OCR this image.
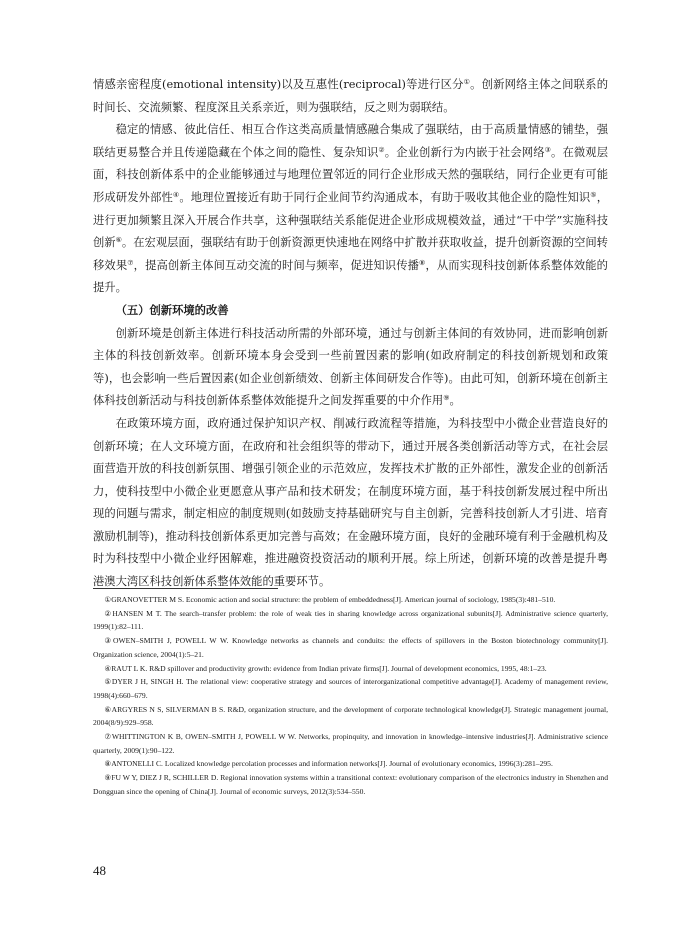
情感亲密程度(emotional intensity)以及互惠性(reciprocal)等进行区分①。创新网络主体之间联系的时间长、交流频繁、程度深且关系亲近，则为强联结，反之则为弱联结。

稳定的情感、彼此信任、相互合作这类高质量情感融合集成了强联结，由于高质量情感的铺垫，强联结更易整合并且传递隐藏在个体之间的隐性、复杂知识②。企业创新行为内嵌于社会网络③。在微观层面，科技创新体系中的企业能够通过与地理位置邻近的同行企业形成天然的强联结，同行企业更有可能形成研发外部性④。地理位置接近有助于同行企业间节约沟通成本，有助于吸收其他企业的隐性知识⑤，进行更加频繁且深入开展合作共享，这种强联结关系能促进企业形成规模效益，通过“干中学”实施科技创新⑥。在宏观层面，强联结有助于创新资源更快速地在网络中扩散并获取收益，提升创新资源的空间转移效果⑦，提高创新主体间互动交流的时间与频率，促进知识传播⑧，从而实现科技创新体系整体效能的提升。

（五）创新环境的改善

创新环境是创新主体进行科技活动所需的外部环境，通过与创新主体间的有效协同，进而影响创新主体的科技创新效率。创新环境本身会受到一些前置因素的影响(如政府制定的科技创新规划和政策等)，也会影响一些后置因素(如企业创新绩效、创新主体间研发合作等)。由此可知，创新环境在创新主体科技创新活动与科技创新体系整体效能提升之间发挥重要的中介作用⑨。

在政策环境方面，政府通过保护知识产权、削减行政流程等措施，为科技型中小微企业营造良好的创新环境；在人文环境方面，在政府和社会组织等的带动下，通过开展各类创新活动等方式，在社会层面营造开放的科技创新氛围、增强引领企业的示范效应，发挥技术扩散的正外部性，激发企业的创新活力，使科技型中小微企业更愿意从事产品和技术研发；在制度环境方面，基于科技创新发展过程中所出现的问题与需求，制定相应的制度规则(如鼓励支持基础研究与自主创新，完善科技创新人才引进、培育激励机制等)，推动科技创新体系更加完善与高效；在金融环境方面，良好的金融环境有利于金融机构及时为科技型中小微企业纾困解难，推进融资投资活动的顺利开展。综上所述，创新环境的改善是提升粤港澳大湾区科技创新体系整体效能的重要环节。

①GRANOVETTER M S. Economic action and social structure: the problem of embeddedness[J]. American journal of sociology, 1985(3):481–510.

②HANSEN M T. The search–transfer problem: the role of weak ties in sharing knowledge across organizational subunits[J]. Administrative science quarterly, 1999(1):82–111.

③OWEN–SMITH J, POWELL W W. Knowledge networks as channels and conduits: the effects of spillovers in the Boston biotechnology community[J]. Organization science, 2004(1):5–21.

④RAUT L K. R&D spillover and productivity growth: evidence from Indian private firms[J]. Journal of development economics, 1995, 48:1–23.

⑤DYER J H, SINGH H. The relational view: cooperative strategy and sources of interorganizational competitive advantage[J]. Academy of management review, 1998(4):660–679.

⑥ARGYRES N S, SILVERMAN B S. R&D, organization structure, and the development of corporate technological knowledge[J]. Strategic management journal, 2004(8/9):929–958.

⑦WHITTINGTON K B, OWEN–SMITH J, POWELL W W. Networks, propinquity, and innovation in knowledge–intensive industries[J]. Administrative science quarterly, 2009(1):90–122.

⑧ANTONELLI C. Localized knowledge percolation processes and information networks[J]. Journal of evolutionary economics, 1996(3):281–295.

⑨FU W Y, DIEZ J R, SCHILLER D. Regional innovation systems within a transitional context: evolutionary comparison of the electronics industry in Shenzhen and Dongguan since the opening of China[J]. Journal of economic surveys, 2012(3):534–550.

48
